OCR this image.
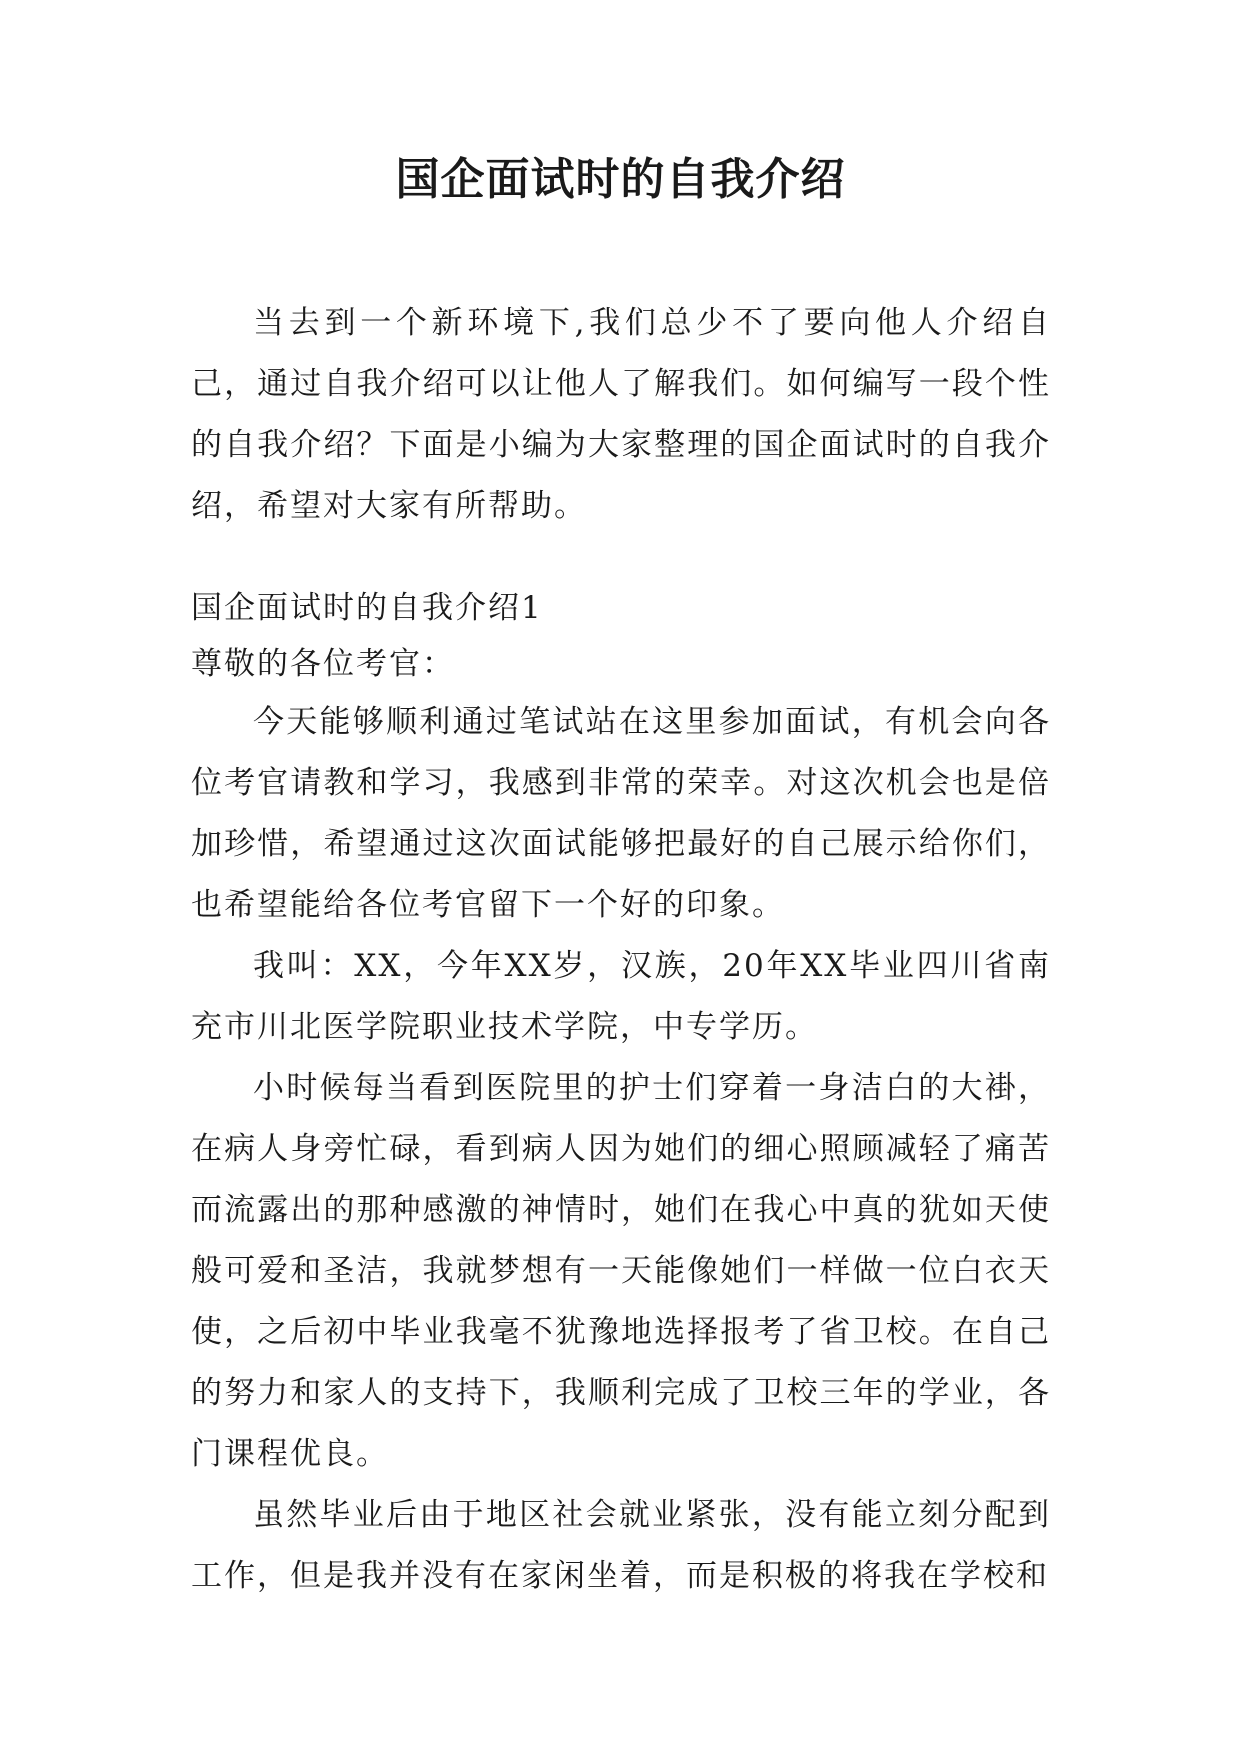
国企面试时的自我介绍

当去到一个新环境下,我们总少不了要向他人介绍自己，通过自我介绍可以让他人了解我们。如何编写一段个性的自我介绍？下面是小编为大家整理的国企面试时的自我介绍，希望对大家有所帮助。

国企面试时的自我介绍1

尊敬的各位考官：

今天能够顺利通过笔试站在这里参加面试，有机会向各位考官请教和学习，我感到非常的荣幸。对这次机会也是倍加珍惜，希望通过这次面试能够把最好的自己展示给你们，也希望能给各位考官留下一个好的印象。

我叫：XX，今年XX岁，汉族，20年XX毕业四川省南充市川北医学院职业技术学院，中专学历。

小时候每当看到医院里的护士们穿着一身洁白的大褂，在病人身旁忙碌，看到病人因为她们的细心照顾减轻了痛苦而流露出的那种感激的神情时，她们在我心中真的犹如天使般可爱和圣洁，我就梦想有一天能像她们一样做一位白衣天使，之后初中毕业我毫不犹豫地选择报考了省卫校。在自己的努力和家人的支持下，我顺利完成了卫校三年的学业，各门课程优良。

虽然毕业后由于地区社会就业紧张，没有能立刻分配到工作，但是我并没有在家闲坐着，而是积极的将我在学校和
